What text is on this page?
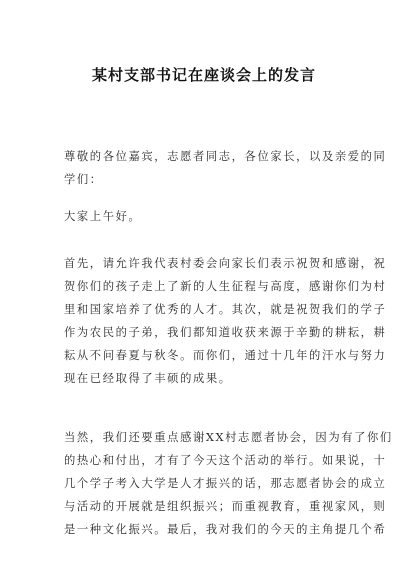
某村支部书记在座谈会上的发言

尊敬的各位嘉宾，志愿者同志，各位家长，以及亲爱的同
学们：

大家上午好。

首先，请允许我代表村委会向家长们表示祝贺和感谢，祝
贺你们的孩子走上了新的人生征程与高度，感谢你们为村
里和国家培养了优秀的人才。其次，就是祝贺我们的学子
作为农民的子弟，我们都知道收获来源于辛勤的耕耘，耕
耘从不问春夏与秋冬。而你们，通过十几年的汗水与努力
现在已经取得了丰硕的成果。

当然，我们还要重点感谢XX村志愿者协会，因为有了你们
的热心和付出，才有了今天这个活动的举行。如果说，十
几个学子考入大学是人才振兴的话，那志愿者协会的成立
与活动的开展就是组织振兴；而重视教育，重视家风，则
是一种文化振兴。最后，我对我们的今天的主角提几个希
